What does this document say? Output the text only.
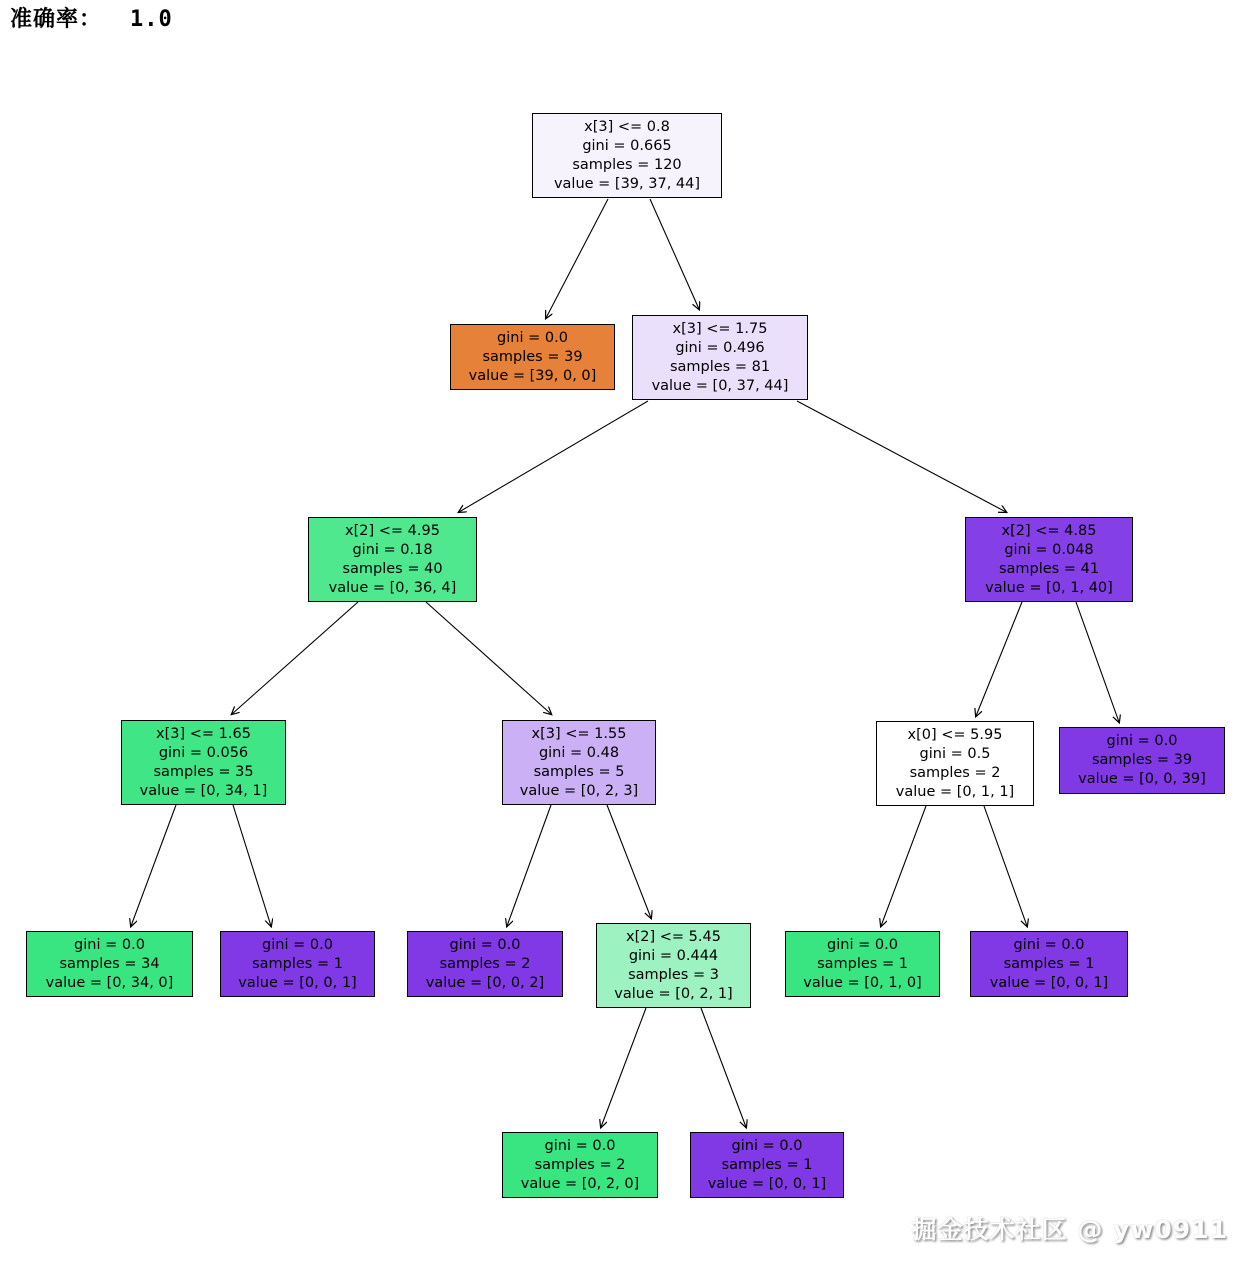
准确率： 1.0
x[3] <= 0.8
gini = 0.665
samples = 120
value = [39, 37, 44]
gini = 0.0
samples = 39
value = [39, 0, 0]
x[3] <= 1.75
gini = 0.496
samples = 81
value = [0, 37, 44]
x[2] <= 4.95
gini = 0.18
samples = 40
value = [0, 36, 4]
x[2] <= 4.85
gini = 0.048
samples = 41
value = [0, 1, 40]
x[3] <= 1.65
gini = 0.056
samples = 35
value = [0, 34, 1]
x[3] <= 1.55
gini = 0.48
samples = 5
value = [0, 2, 3]
x[0] <= 5.95
gini = 0.5
samples = 2
value = [0, 1, 1]
gini = 0.0
samples = 39
value = [0, 0, 39]
gini = 0.0
samples = 34
value = [0, 34, 0]
gini = 0.0
samples = 1
value = [0, 0, 1]
gini = 0.0
samples = 2
value = [0, 0, 2]
x[2] <= 5.45
gini = 0.444
samples = 3
value = [0, 2, 1]
gini = 0.0
samples = 1
value = [0, 1, 0]
gini = 0.0
samples = 1
value = [0, 0, 1]
gini = 0.0
samples = 2
value = [0, 2, 0]
gini = 0.0
samples = 1
value = [0, 0, 1]
掘金技术社区 @ yw0911
